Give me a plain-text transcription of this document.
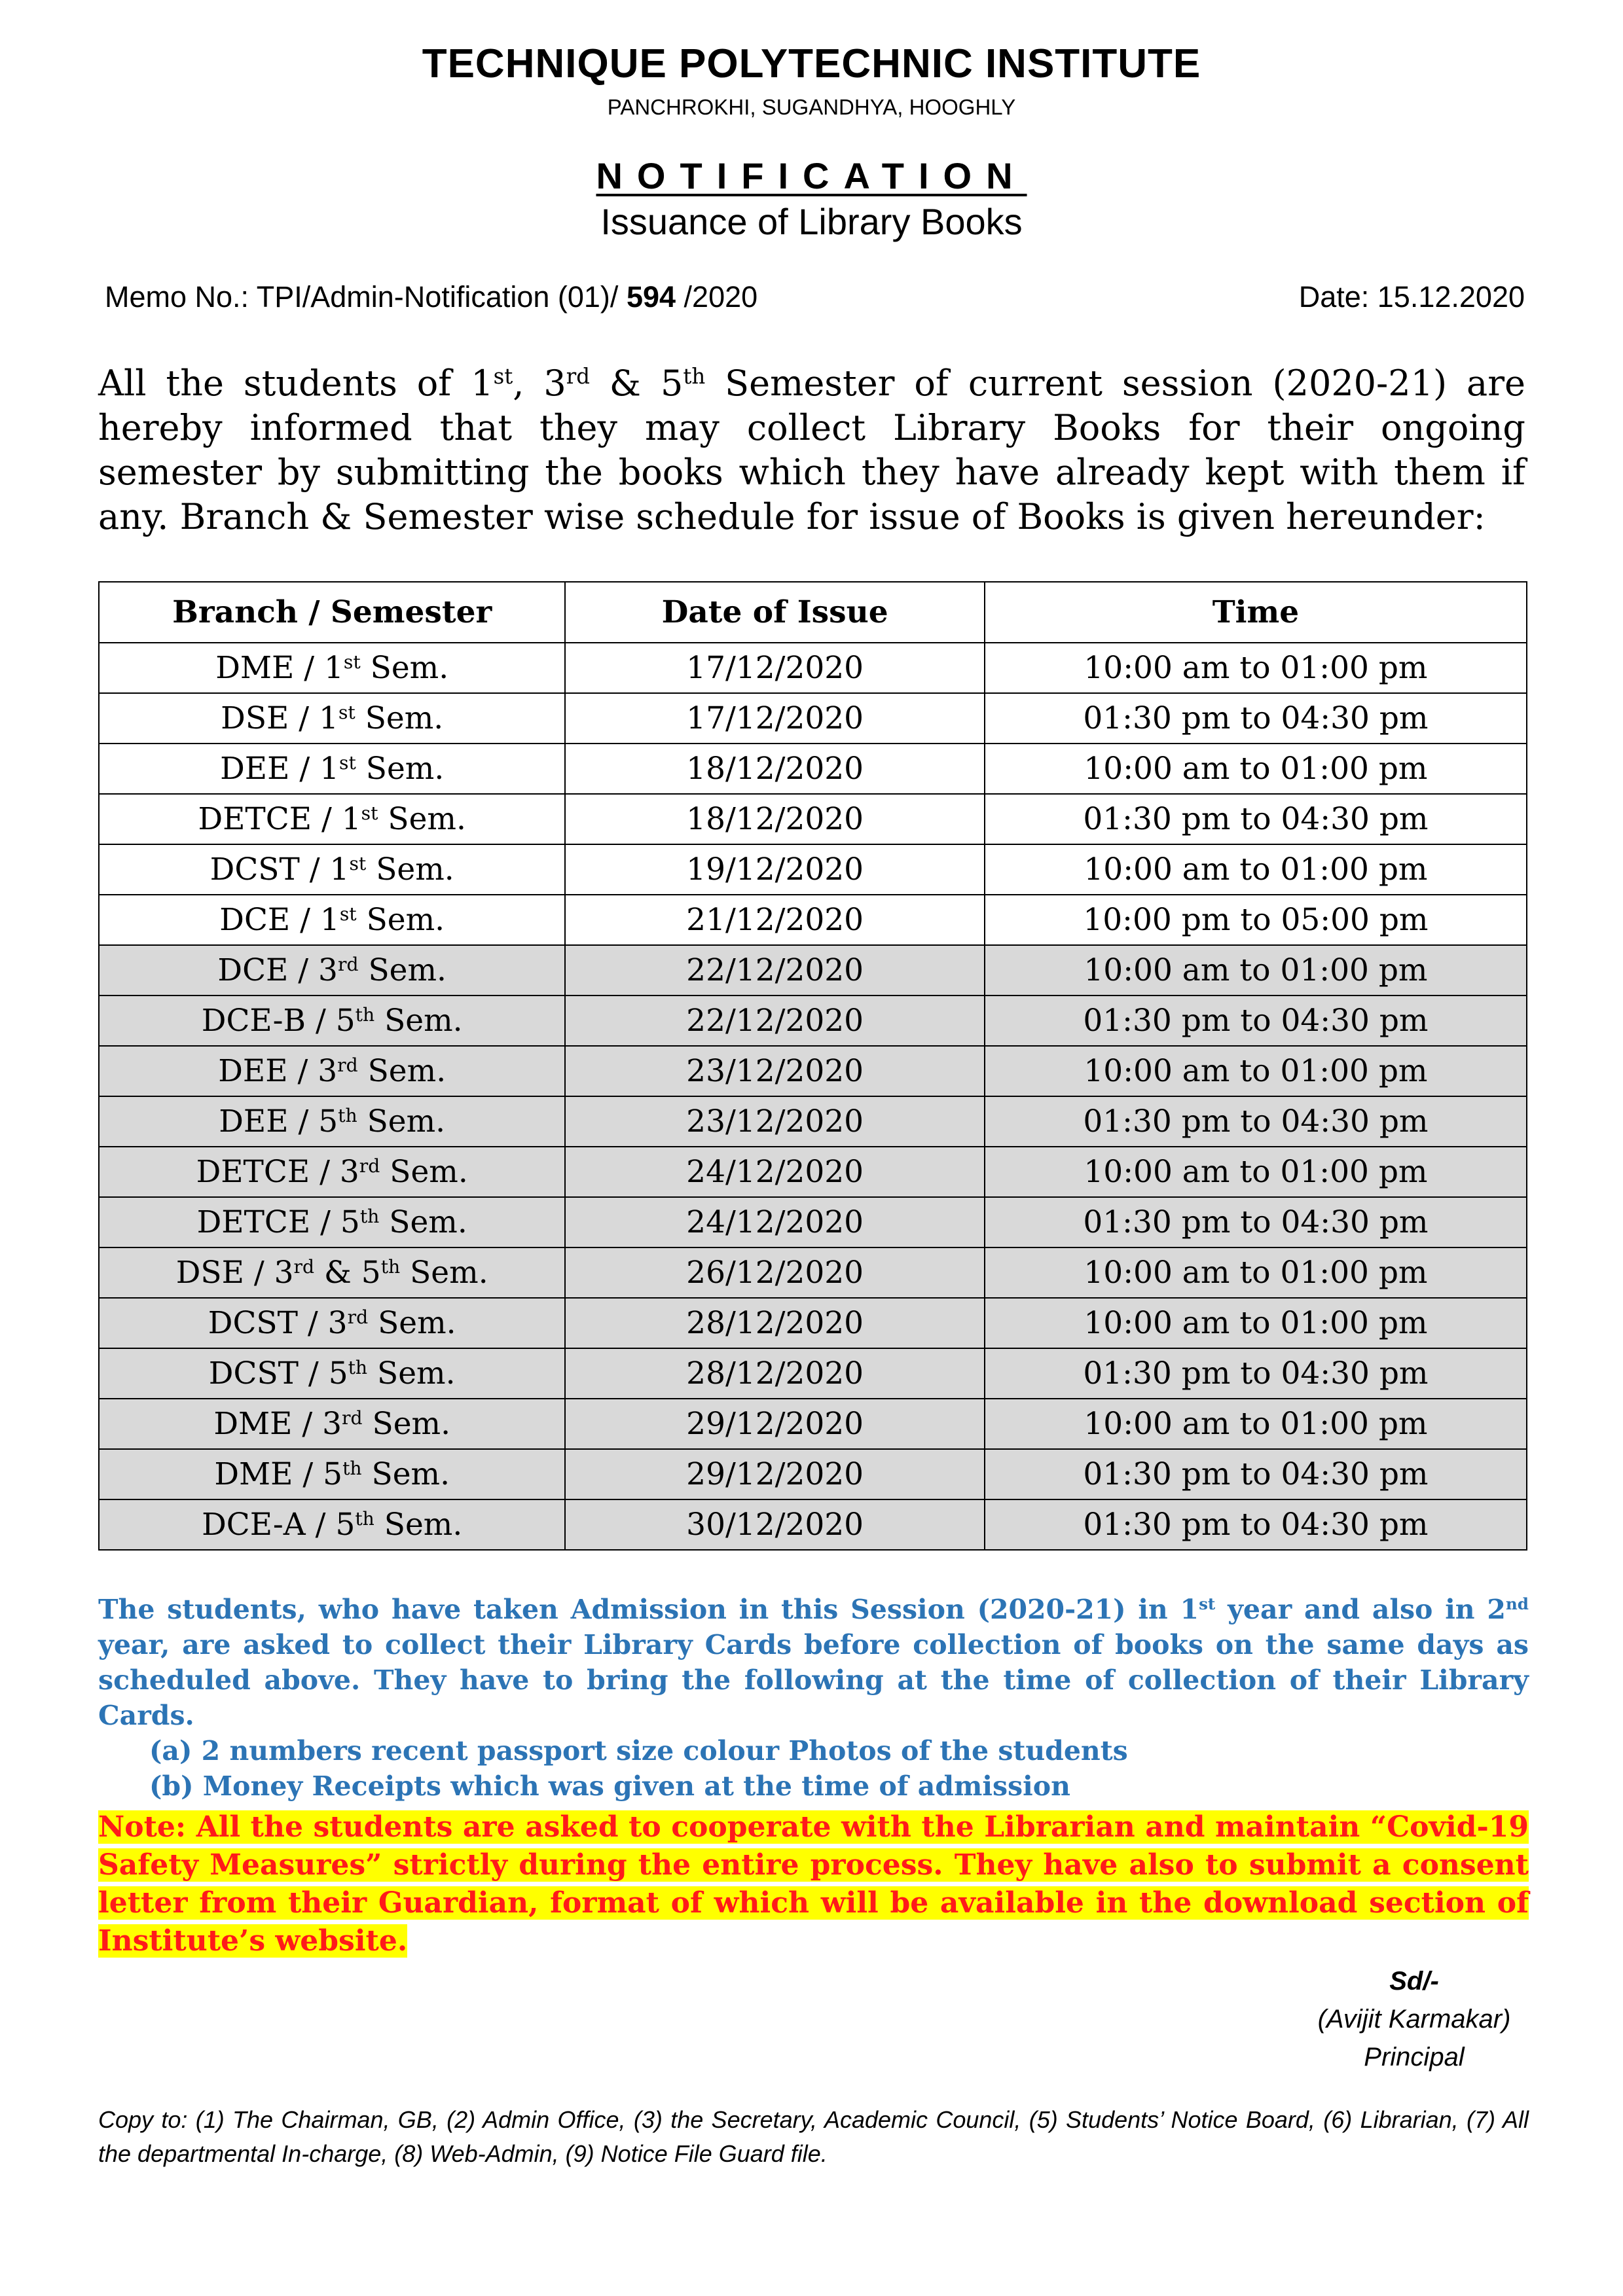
TECHNIQUE POLYTECHNIC INSTITUTE
PANCHROKHI, SUGANDHYA, HOOGHLY
NOTIFICATION
Issuance of Library Books
Memo No.: TPI/Admin-Notification (01)/ 594 /2020	Date: 15.12.2020
All the students of 1st, 3rd & 5th Semester of current session (2020-21) are hereby informed that they may collect Library Books for their ongoing semester by submitting the books which they have already kept with them if any. Branch & Semester wise schedule for issue of Books is given hereunder:
Branch / Semester	Date of Issue	Time
DME / 1st Sem.	17/12/2020	10:00 am to 01:00 pm
DSE / 1st Sem.	17/12/2020	01:30 pm to 04:30 pm
DEE / 1st Sem.	18/12/2020	10:00 am to 01:00 pm
DETCE / 1st Sem.	18/12/2020	01:30 pm to 04:30 pm
DCST / 1st Sem.	19/12/2020	10:00 am to 01:00 pm
DCE / 1st Sem.	21/12/2020	10:00 pm to 05:00 pm
DCE / 3rd Sem.	22/12/2020	10:00 am to 01:00 pm
DCE-B / 5th Sem.	22/12/2020	01:30 pm to 04:30 pm
DEE / 3rd Sem.	23/12/2020	10:00 am to 01:00 pm
DEE / 5th Sem.	23/12/2020	01:30 pm to 04:30 pm
DETCE / 3rd Sem.	24/12/2020	10:00 am to 01:00 pm
DETCE / 5th Sem.	24/12/2020	01:30 pm to 04:30 pm
DSE / 3rd & 5th Sem.	26/12/2020	10:00 am to 01:00 pm
DCST / 3rd Sem.	28/12/2020	10:00 am to 01:00 pm
DCST / 5th Sem.	28/12/2020	01:30 pm to 04:30 pm
DME / 3rd Sem.	29/12/2020	10:00 am to 01:00 pm
DME / 5th Sem.	29/12/2020	01:30 pm to 04:30 pm
DCE-A / 5th Sem.	30/12/2020	01:30 pm to 04:30 pm
The students, who have taken Admission in this Session (2020-21) in 1st year and also in 2nd year, are asked to collect their Library Cards before collection of books on the same days as scheduled above. They have to bring the following at the time of collection of their Library Cards.
(a) 2 numbers recent passport size colour Photos of the students
(b) Money Receipts which was given at the time of admission
Note: All the students are asked to cooperate with the Librarian and maintain “Covid-19 Safety Measures” strictly during the entire process. They have also to submit a consent letter from their Guardian, format of which will be available in the download section of Institute’s website.
Sd/-
(Avijit Karmakar)
Principal
Copy to: (1) The Chairman, GB, (2) Admin Office, (3) the Secretary, Academic Council, (5) Students’ Notice Board, (6) Librarian, (7) All the departmental In-charge, (8) Web-Admin, (9) Notice File Guard file.
